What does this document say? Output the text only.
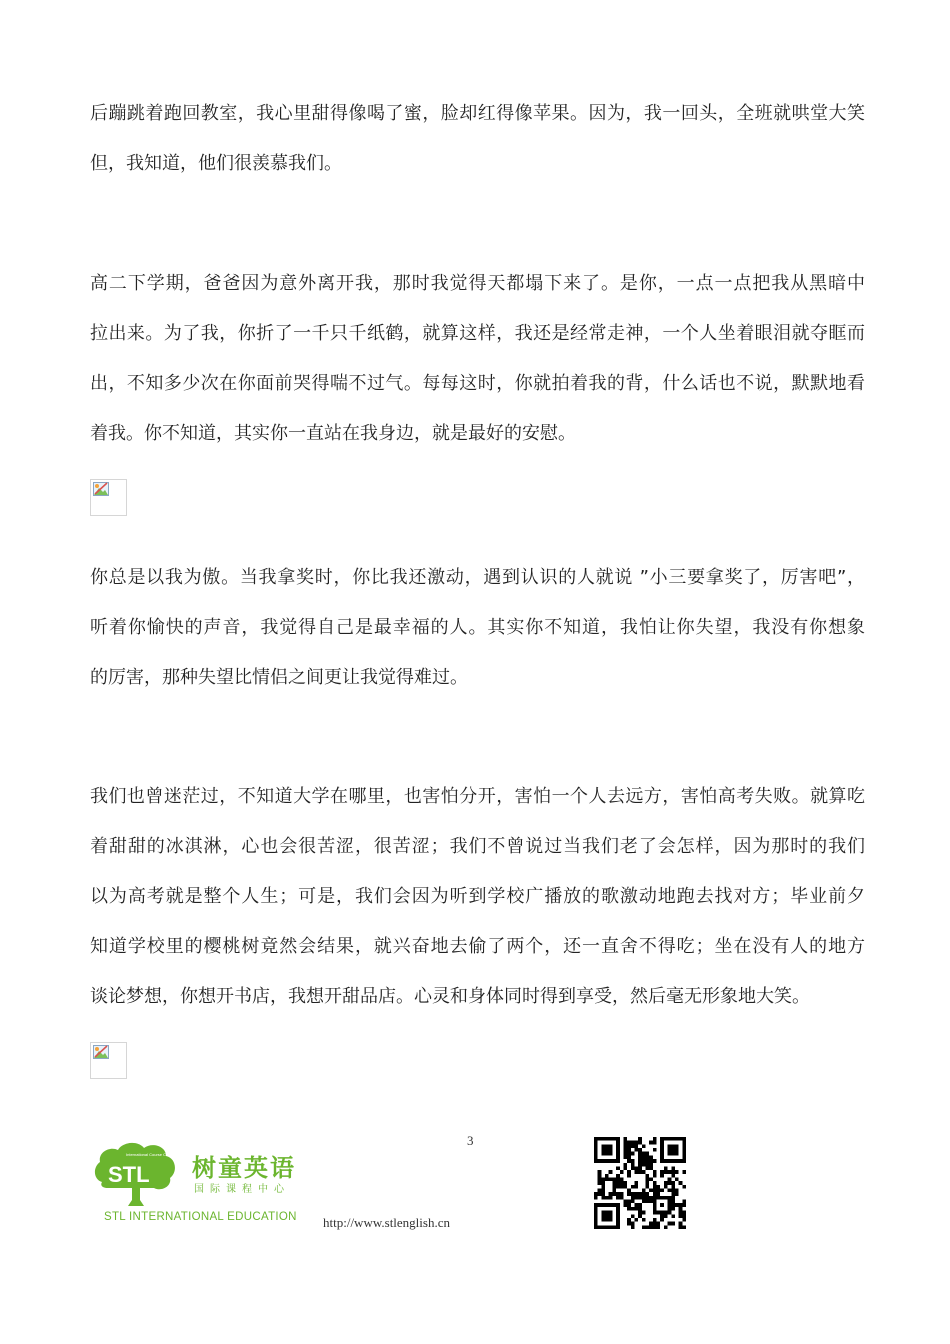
后蹦跳着跑回教室，我心里甜得像喝了蜜，脸却红得像苹果。因为，我一回头，全班就哄堂大笑
但，我知道，他们很羡慕我们。

高二下学期，爸爸因为意外离开我，那时我觉得天都塌下来了。是你，一点一点把我从黑暗中
拉出来。为了我，你折了一千只千纸鹤，就算这样，我还是经常走神，一个人坐着眼泪就夺眶而
出，不知多少次在你面前哭得喘不过气。每每这时，你就拍着我的背，什么话也不说，默默地看
着我。你不知道，其实你一直站在我身边，就是最好的安慰。

你总是以我为傲。当我拿奖时，你比我还激动，遇到认识的人就说 ”小三要拿奖了，厉害吧”，
听着你愉快的声音，我觉得自己是最幸福的人。其实你不知道，我怕让你失望，我没有你想象
的厉害，那种失望比情侣之间更让我觉得难过。

我们也曾迷茫过，不知道大学在哪里，也害怕分开，害怕一个人去远方，害怕高考失败。就算吃
着甜甜的冰淇淋，心也会很苦涩，很苦涩；我们不曾说过当我们老了会怎样，因为那时的我们
以为高考就是整个人生；可是，我们会因为听到学校广播放的歌激动地跑去找对方；毕业前夕
知道学校里的樱桃树竟然会结果，就兴奋地去偷了两个，还一直舍不得吃；坐在没有人的地方
谈论梦想，你想开书店，我想开甜品店。心灵和身体同时得到享受，然后毫无形象地大笑。

3
International Course Centre
STL 树童英语
国际课程中心
STL INTERNATIONAL EDUCATION http://www.stlenglish.cn
